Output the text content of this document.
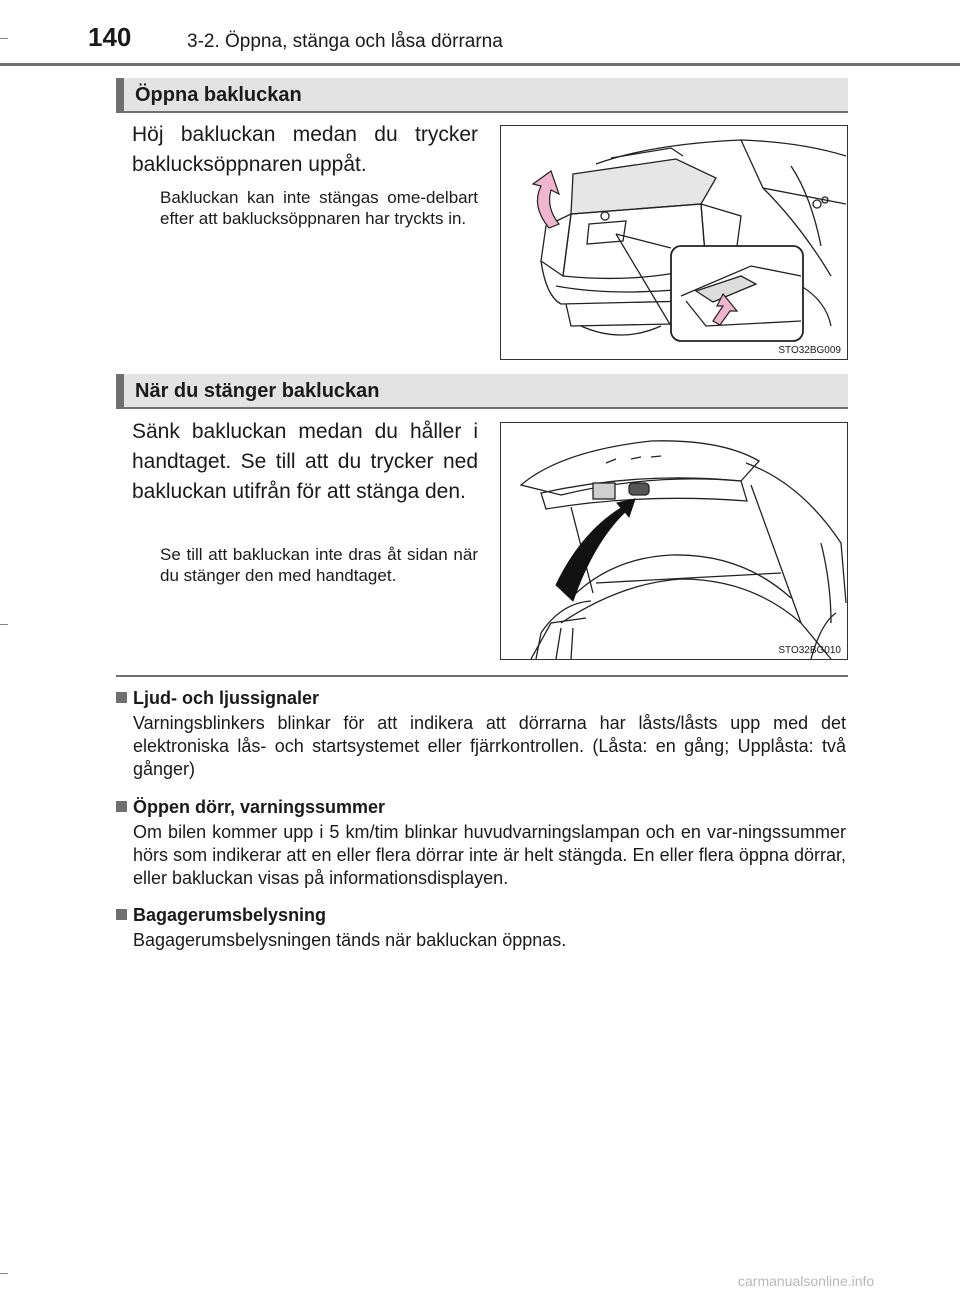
140	3-2. Öppna, stänga och låsa dörrarna
Öppna bakluckan
Höj bakluckan medan du trycker baklucksöppnaren uppåt.
Bakluckan kan inte stängas ome-delbart efter att baklucksöppnaren har tryckts in.
STO32BG009
När du stänger bakluckan
Sänk bakluckan medan du håller i handtaget. Se till att du trycker ned bakluckan utifrån för att stänga den.
Se till att bakluckan inte dras åt sidan när du stänger den med handtaget.
STO32BG010
Ljud- och ljussignaler
Varningsblinkers blinkar för att indikera att dörrarna har låsts/låsts upp med det elektroniska lås- och startsystemet eller fjärrkontrollen. (Låsta: en gång; Upplåsta: två gånger)
Öppen dörr, varningssummer
Om bilen kommer upp i 5 km/tim blinkar huvudvarningslampan och en var-ningssummer hörs som indikerar att en eller flera dörrar inte är helt stängda. En eller flera öppna dörrar, eller bakluckan visas på informationsdisplayen.
Bagagerumsbelysning
Bagagerumsbelysningen tänds när bakluckan öppnas.
carmanualsonline.info
